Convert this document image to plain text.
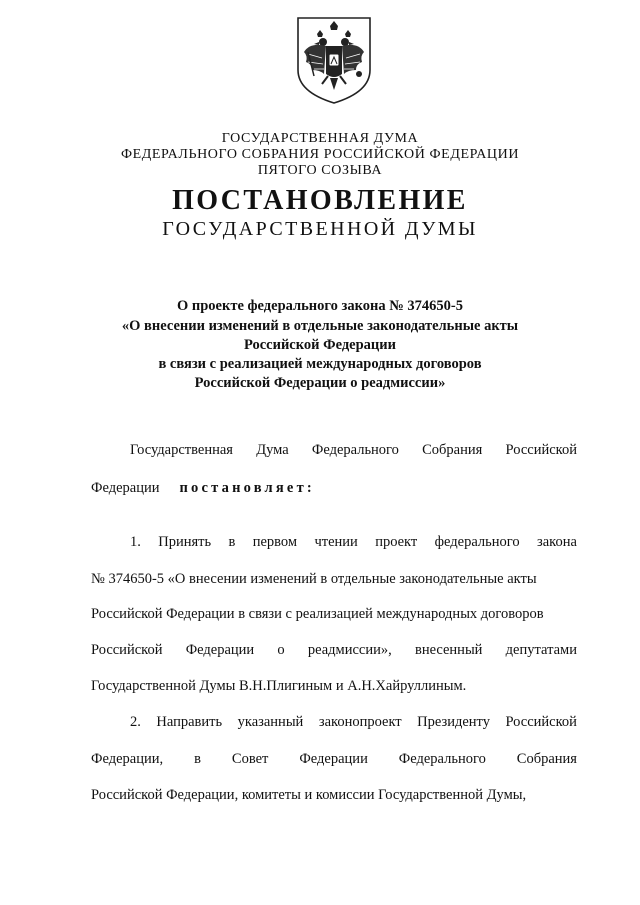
ГОСУДАРСТВЕННАЯ ДУМА
ФЕДЕРАЛЬНОГО СОБРАНИЯ РОССИЙСКОЙ ФЕДЕРАЦИИ
ПЯТОГО СОЗЫВА
ПОСТАНОВЛЕНИЕ
ГОСУДАРСТВЕННОЙ ДУМЫ
О проекте федерального закона № 374650-5
«О внесении изменений в отдельные законодательные акты
Российской Федерации
в связи с реализацией международных договоров
Российской Федерации о реадмиссии»
Государственная Дума Федерального Собрания Российской
Федерации постановляет:
1. Принять в первом чтении проект федерального закона
№ 374650-5 «О внесении изменений в отдельные законодательные акты
Российской Федерации в связи с реализацией международных договоров
Российской Федерации о реадмиссии», внесенный депутатами
Государственной Думы В.Н.Плигиным и А.Н.Хайруллиным.
2. Направить указанный законопроект Президенту Российской
Федерации, в Совет Федерации Федерального Собрания
Российской Федерации, комитеты и комиссии Государственной Думы,
